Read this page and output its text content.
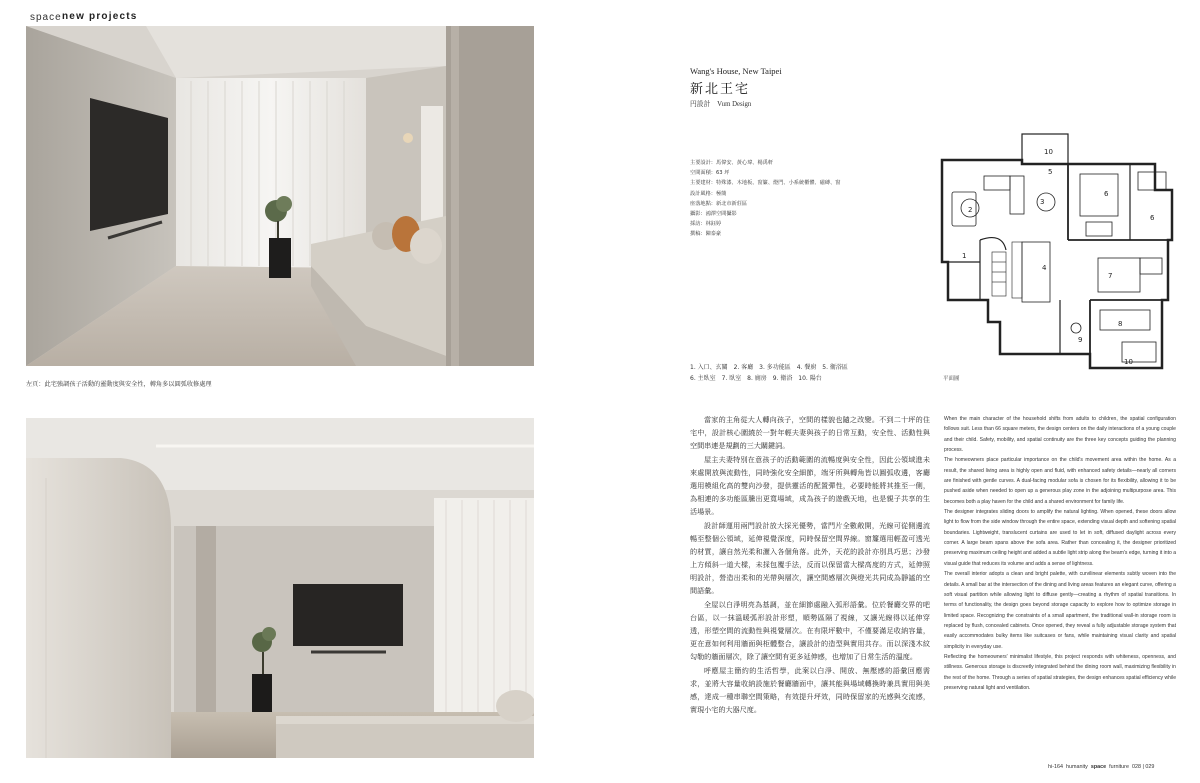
space new projects
左頁：此宅強調孩子活動的靈動度與安全性，轉角多以圓弧收修處理
Wang's House, New Taipei
新北王宅
円設計　Vum Design
主要設計：馬偉安、黃心瑋、楊禹軒
空間面積：63 坪
主要建材：特殊漆、木地板、窗簾、燈門、小系統櫃體、磁磚、窗
設計風格：極簡
座落地點：新北市新莊區
攝影：鴻澤空間攝影
採訪：林鈺婷
撰稿：陳泰豪
1. 入口、玄關 2. 客廳 3. 多功能區 4. 餐廚 5. 衛浴區
6. 主臥室 7. 臥室 8. 廁房 9. 衛浴 10. 陽台
10
2
3
6
6
1
4
7
8
9
10
5
平面圖

當家的主角從大人轉向孩子，空間的樣貌也隨之改變。不到二十坪的住宅中，設計核心圍繞於一對年輕夫妻與孩子的日常互動，安全性、活動性與空間串連是規劃的三大關鍵詞。

屋主夫妻特別在意孩子的活動範圍的流暢度與安全性，因此公領域進未來處開放與流動性，同時強化安全細節，端牙所與轉角皆以圓弧收邊，客廳選用模組化高的雙向沙發，提供靈活的配置彈性，必要時能將其推至一側，為相連的多功能區騰出更寬場域，成為孩子的遊戲天地，也是親子共享的生活場景。

設計師運用兩門設計放大採光優勢，當門片全數敞開，光線可從側邊流暢至整個公領域，延伸視覺深度，同時保留空間界線。窗簾選用輕盈可透光的材質，讓自然光柔和灑入各個角落。此外，天花的設計亦別具巧思；沙發上方傾斜一道大樑，未採包覆手法，反而以保留當大樑高度的方式，延伸照明設計，營造出柔和的光帶與層次，讓空間感層次與燈光共同成為靜謐的空間語彙。

全屋以白淨明亮為基調，並在細節處融入弧形語彙。位於餐廳交界的吧台區，以一抹溫暖弧形設計形塑，順勢區隔了視線，又讓光線得以延伸穿透，形塑空間的流動性與視覺層次。在有限坪數中，不僅要滿足收納容量，更在意如何利用牆面與柜體整合，讓設計的造型與實用共存。而以深淺木紋勾勒的牆面層次，除了讓空間有更多延伸感，也增加了日常生活的溫度。

呼應屋主簡約的生活哲學，此案以白淨、開放、無壓感的語彙回應需求，並將大容量收納設施於餐廳牆面中，讓其能與場域轉換時兼具實用與美感，達成一種串聯空間策略，有效提升坪效，同時保留家的光感與交流感，實現小宅的大器尺度。

When the main character of the household shifts from adults to children, the spatial configuration follows suit. Less than 66 square meters, the design centers on the daily interactions of a young couple and their child. Safety, mobility, and spatial continuity are the three key concepts guiding the planning process.

The homeowners place particular importance on the child's movement area within the home. As a result, the shared living area is highly open and fluid, with enhanced safety details—nearly all corners are finished with gentle curves. A dual-facing modular sofa is chosen for its flexibility, allowing it to be pushed aside when needed to open up a generous play zone in the adjoining multipurpose area. This becomes both a play haven for the child and a shared environment for family life.

The designer integrates sliding doors to amplify the natural lighting. When opened, these doors allow light to flow from the side window through the entire space, extending visual depth and softening spatial boundaries. Lightweight, translucent curtains are used to let in soft, diffused daylight across every corner. A large beam spans above the sofa area. Rather than concealing it, the designer prioritized preserving maximum ceiling height and added a subtle light strip along the beam's edge, turning it into a visual guide that reduces its volume and adds a sense of lightness.

The overall interior adopts a clean and bright palette, with curvilinear elements subtly woven into the details. A small bar at the intersection of the dining and living areas features an elegant curve, offering a soft visual partition while allowing light to diffuse gently—creating a rhythm of spatial transitions. In terms of functionality, the design goes beyond storage capacity to explore how to optimize storage in limited space. Recognizing the constraints of a small apartment, the traditional wall-in storage room is replaced by flush, concealed cabinets. Once opened, they reveal a fully adjustable storage system that easily accommodates bulky items like suitcases or fans, while maintaining visual clarity and spatial simplicity in everyday use.

Reflecting the homeowners' minimalist lifestyle, this project responds with whiteness, openness, and stillness. Generous storage is discreetly integrated behind the dining room wall, maximizing flexibility in the rest of the home. Through a series of spatial strategies, the design enhances spatial efficiency while preserving natural light and ventilation.

hi-164 humanity space furniture 028 | 029
